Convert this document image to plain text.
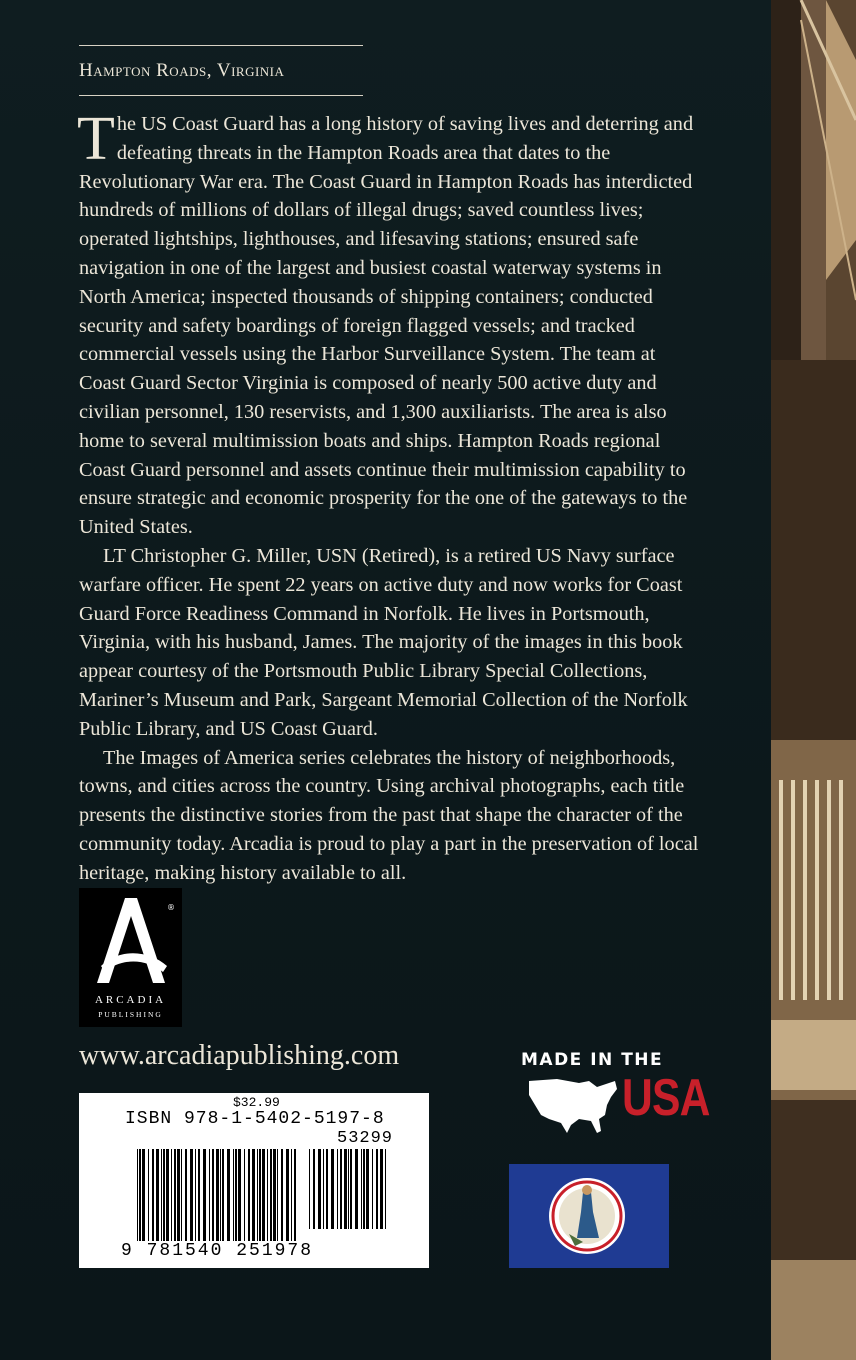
Hampton Roads, Virginia

The US Coast Guard has a long history of saving lives and deterring and defeating threats in the Hampton Roads area that dates to the Revolutionary War era. The Coast Guard in Hampton Roads has interdicted hundreds of millions of dollars of illegal drugs; saved countless lives; operated lightships, lighthouses, and lifesaving stations; ensured safe navigation in one of the largest and busiest coastal waterway systems in North America; inspected thousands of shipping containers; conducted security and safety boardings of foreign flagged vessels; and tracked commercial vessels using the Harbor Surveillance System. The team at Coast Guard Sector Virginia is composed of nearly 500 active duty and civilian personnel, 130 reservists, and 1,300 auxiliarists. The area is also home to several multimission boats and ships. Hampton Roads regional Coast Guard personnel and assets continue their multimission capability to ensure strategic and economic prosperity for the one of the gateways to the United States.

LT Christopher G. Miller, USN (Retired), is a retired US Navy surface warfare officer. He spent 22 years on active duty and now works for Coast Guard Force Readiness Command in Norfolk. He lives in Portsmouth, Virginia, with his husband, James. The majority of the images in this book appear courtesy of the Portsmouth Public Library Special Collections, Mariner’s Museum and Park, Sargeant Memorial Collection of the Norfolk Public Library, and US Coast Guard.

The Images of America series celebrates the history of neighborhoods, towns, and cities across the country. Using archival photographs, each title presents the distinctive stories from the past that shape the character of the community today. Arcadia is proud to play a part in the preservation of local heritage, making history available to all.

®
ARCADIA
PUBLISHING
www.arcadiapublishing.com
$32.99
ISBN 978-1-5402-5197-8
53299
9 781540 251978
MADE IN THE
USA
